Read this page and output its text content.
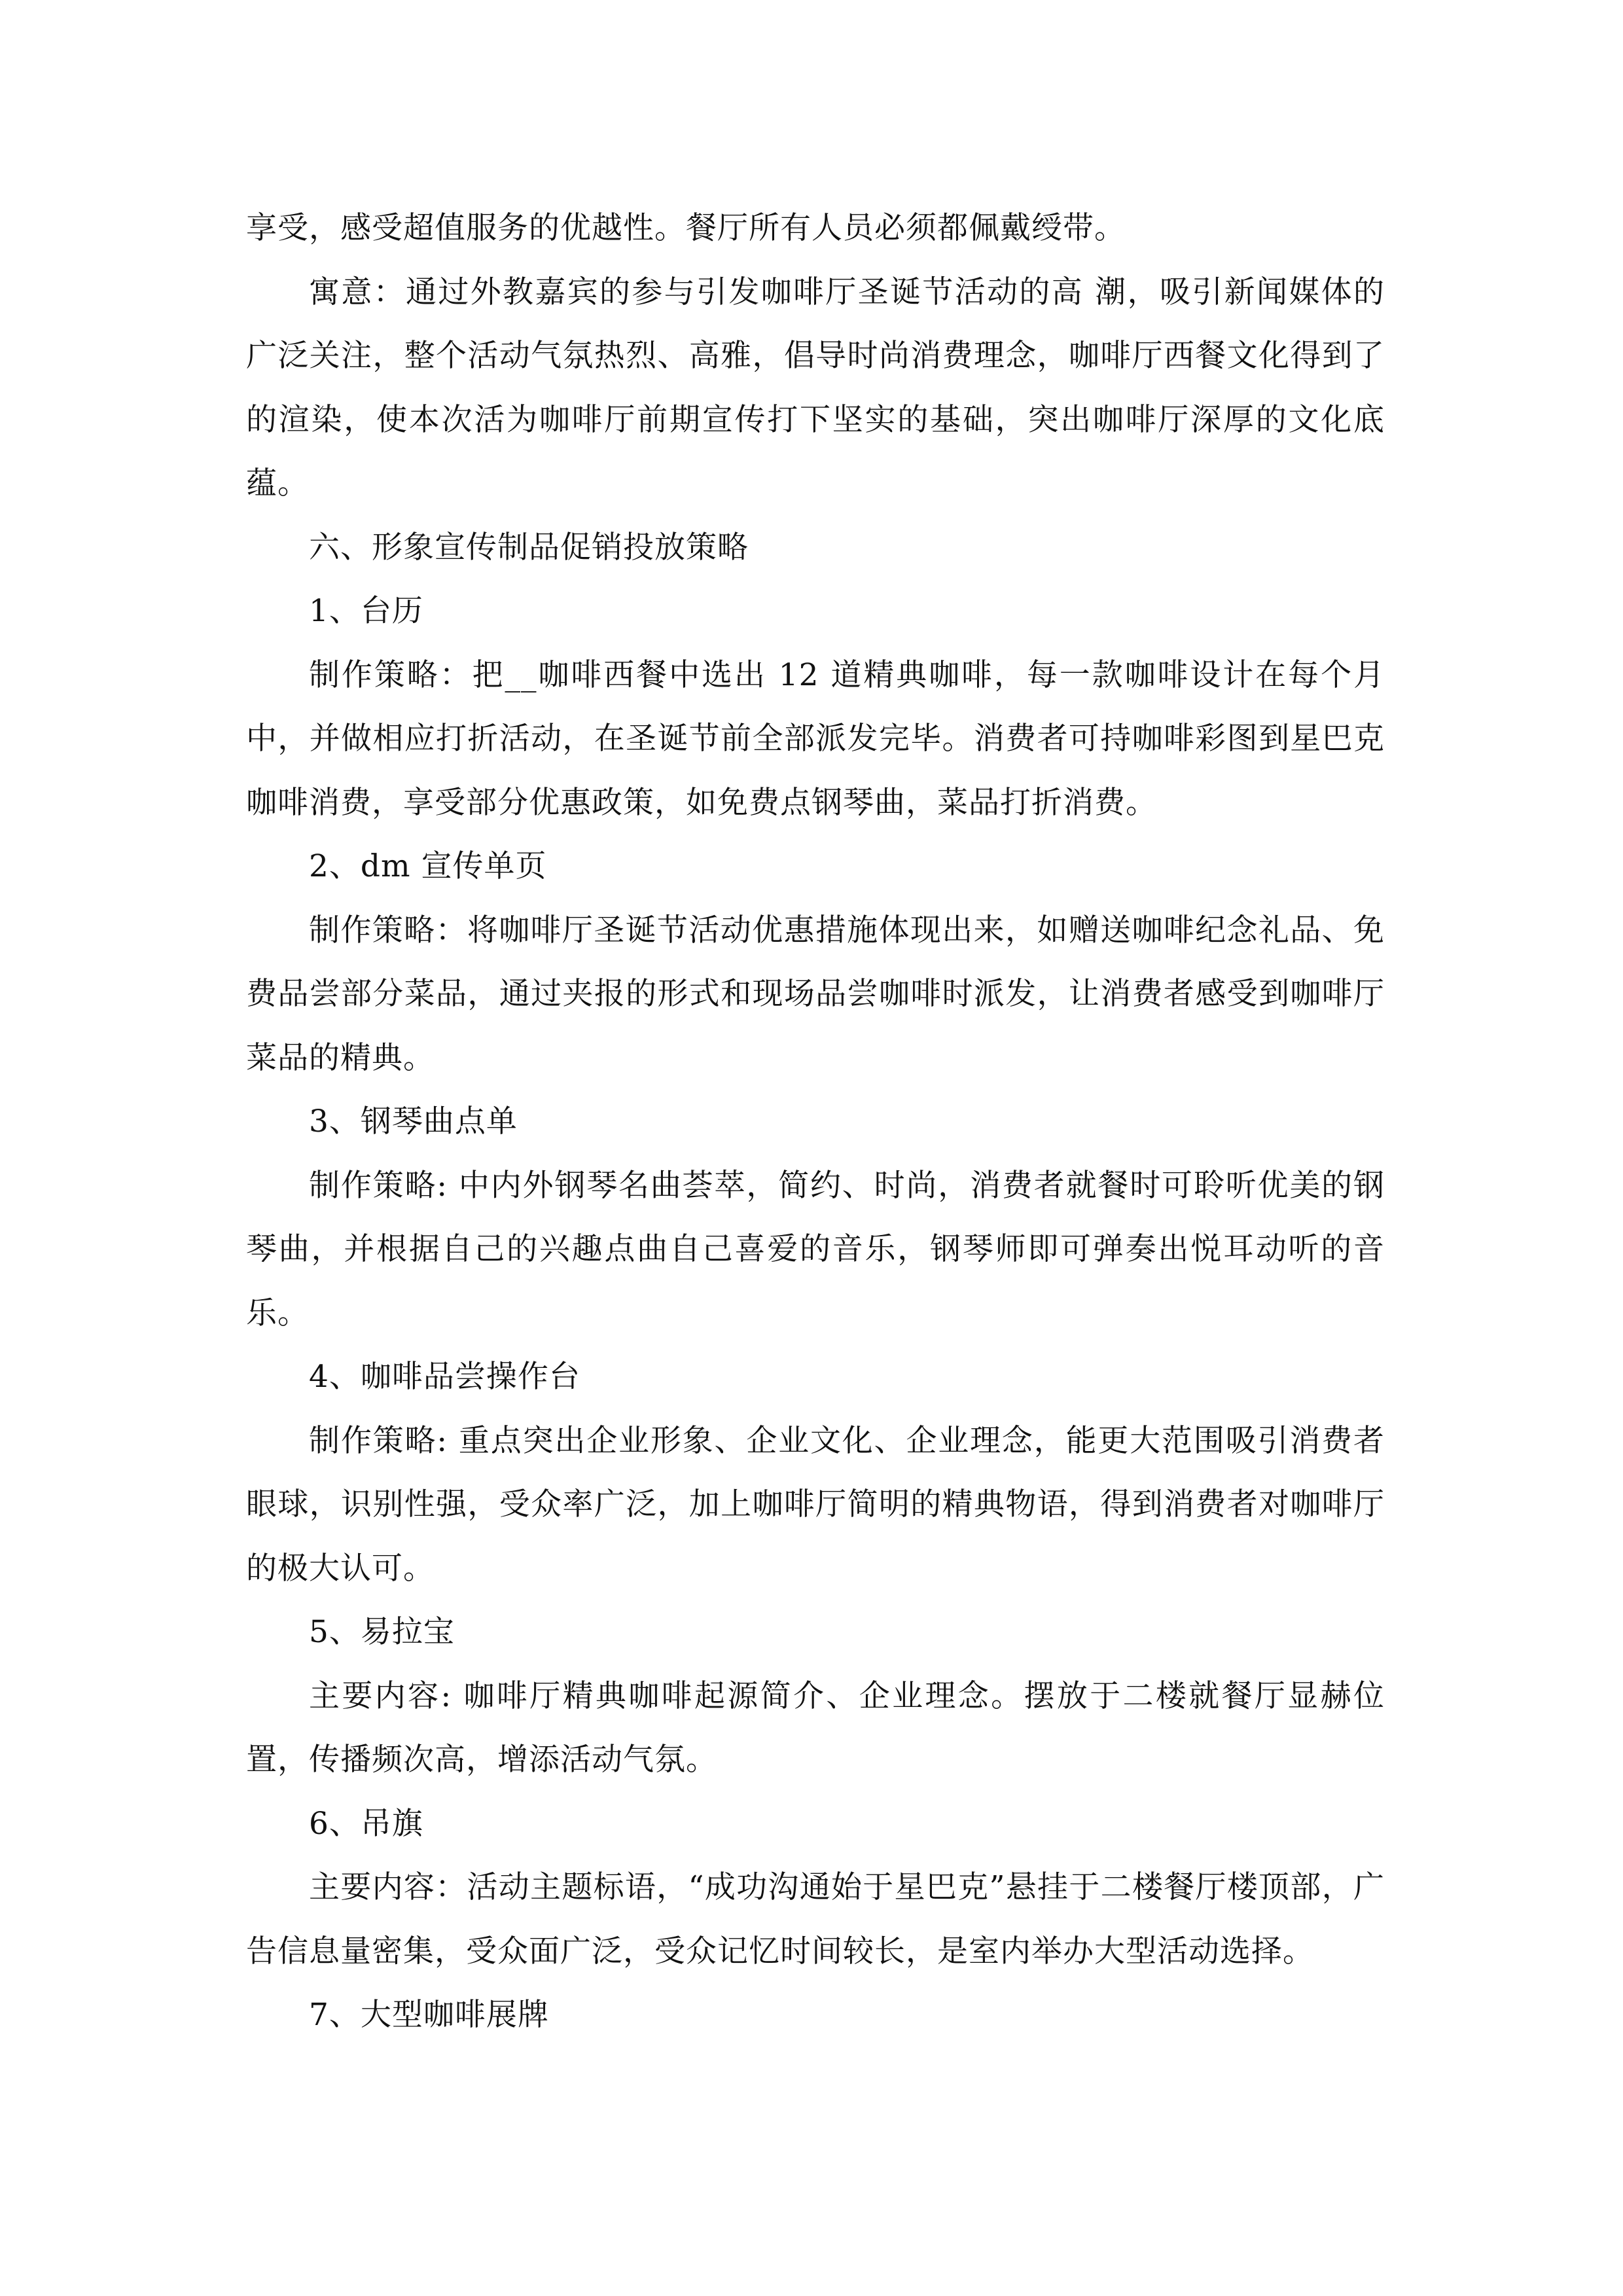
享受，感受超值服务的优越性。餐厅所有人员必须都佩戴绶带。

寓意：通过外教嘉宾的参与引发咖啡厅圣诞节活动的高 潮，吸引新闻媒体的广泛关注，整个活动气氛热烈、高雅，倡导时尚消费理念，咖啡厅西餐文化得到了的渲染，使本次活为咖啡厅前期宣传打下坚实的基础，突出咖啡厅深厚的文化底蕴。

六、形象宣传制品促销投放策略

1、台历

制作策略：把__咖啡西餐中选出 12 道精典咖啡，每一款咖啡设计在每个月中，并做相应打折活动，在圣诞节前全部派发完毕。消费者可持咖啡彩图到星巴克咖啡消费，享受部分优惠政策，如免费点钢琴曲，菜品打折消费。

2、dm 宣传单页

制作策略：将咖啡厅圣诞节活动优惠措施体现出来，如赠送咖啡纪念礼品、免费品尝部分菜品，通过夹报的形式和现场品尝咖啡时派发，让消费者感受到咖啡厅菜品的精典。

3、钢琴曲点单

制作策略: 中内外钢琴名曲荟萃，简约、时尚，消费者就餐时可聆听优美的钢琴曲，并根据自己的兴趣点曲自己喜爱的音乐，钢琴师即可弹奏出悦耳动听的音乐。

4、咖啡品尝操作台

制作策略: 重点突出企业形象、企业文化、企业理念，能更大范围吸引消费者眼球，识别性强，受众率广泛，加上咖啡厅简明的精典物语，得到消费者对咖啡厅的极大认可。

5、易拉宝

主要内容: 咖啡厅精典咖啡起源简介、企业理念。摆放于二楼就餐厅显赫位置，传播频次高，增添活动气氛。

6、吊旗

主要内容：活动主题标语，“成功沟通始于星巴克”悬挂于二楼餐厅楼顶部，广告信息量密集，受众面广泛，受众记忆时间较长，是室内举办大型活动选择。

7、大型咖啡展牌
